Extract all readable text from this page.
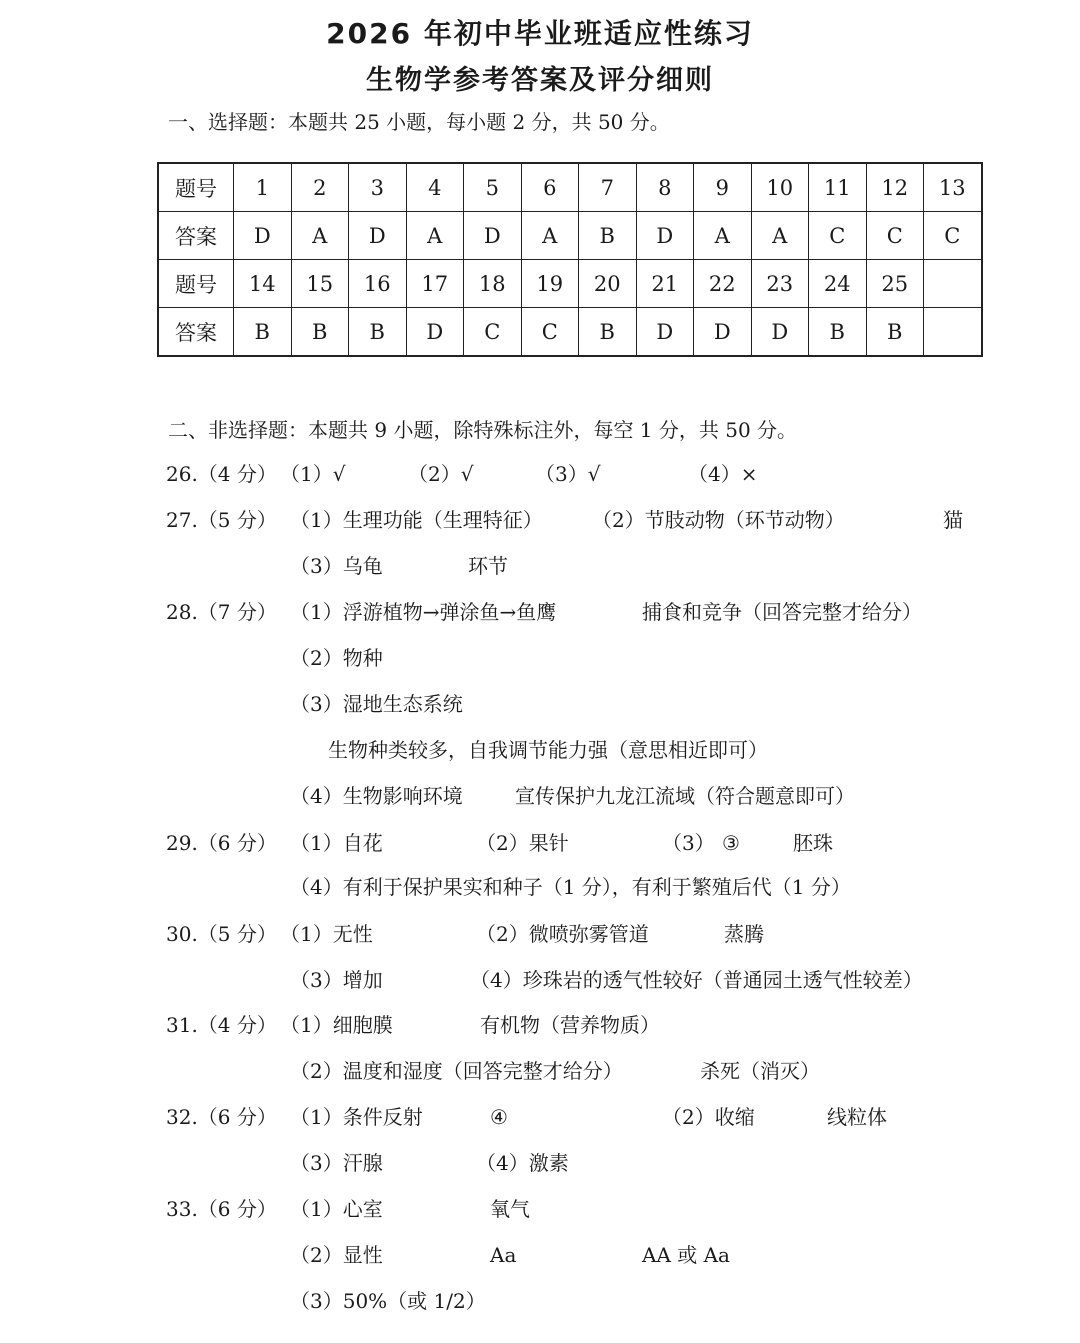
2026 年初中毕业班适应性练习
生物学参考答案及评分细则
一、选择题：本题共 25 小题，每小题 2 分，共 50 分。
题号	1	2	3	4	5	6	7	8	9	10	11	12	13
答案	D	A	D	A	D	A	B	D	A	A	C	C	C
题号	14	15	16	17	18	19	20	21	22	23	24	25	
答案	B	B	B	D	C	C	B	D	D	D	B	B	
二、非选择题：本题共 9 小题，除特殊标注外，每空 1 分，共 50 分。
26.（4 分） （1）√	（2）√	（3）√	（4）×
27.（5 分） （1）生理功能（生理特征） （2）节肢动物（环节动物）	猫
（3）乌龟	环节
28.（7 分） （1）浮游植物→弹涂鱼→鱼鹰	捕食和竞争（回答完整才给分）
（2）物种
（3）湿地生态系统
生物种类较多，自我调节能力强（意思相近即可）
（4）生物影响环境	宣传保护九龙江流域（符合题意即可）
29.（6 分） （1）自花	（2）果针	（3） ③	胚珠
（4）有利于保护果实和种子（1 分），有利于繁殖后代（1 分）
30.（5 分） （1）无性	（2）微喷弥雾管道	蒸腾
（3）增加	（4）珍珠岩的透气性较好（普通园土透气性较差）
31.（4 分） （1）细胞膜	有机物（营养物质）
（2）温度和湿度（回答完整才给分）	杀死（消灭）
32.（6 分） （1）条件反射	④	（2）收缩	线粒体
（3）汗腺	（4）激素
33.（6 分） （1）心室	氧气
（2）显性	Aa	AA 或 Aa
（3）50%（或 1/2）
